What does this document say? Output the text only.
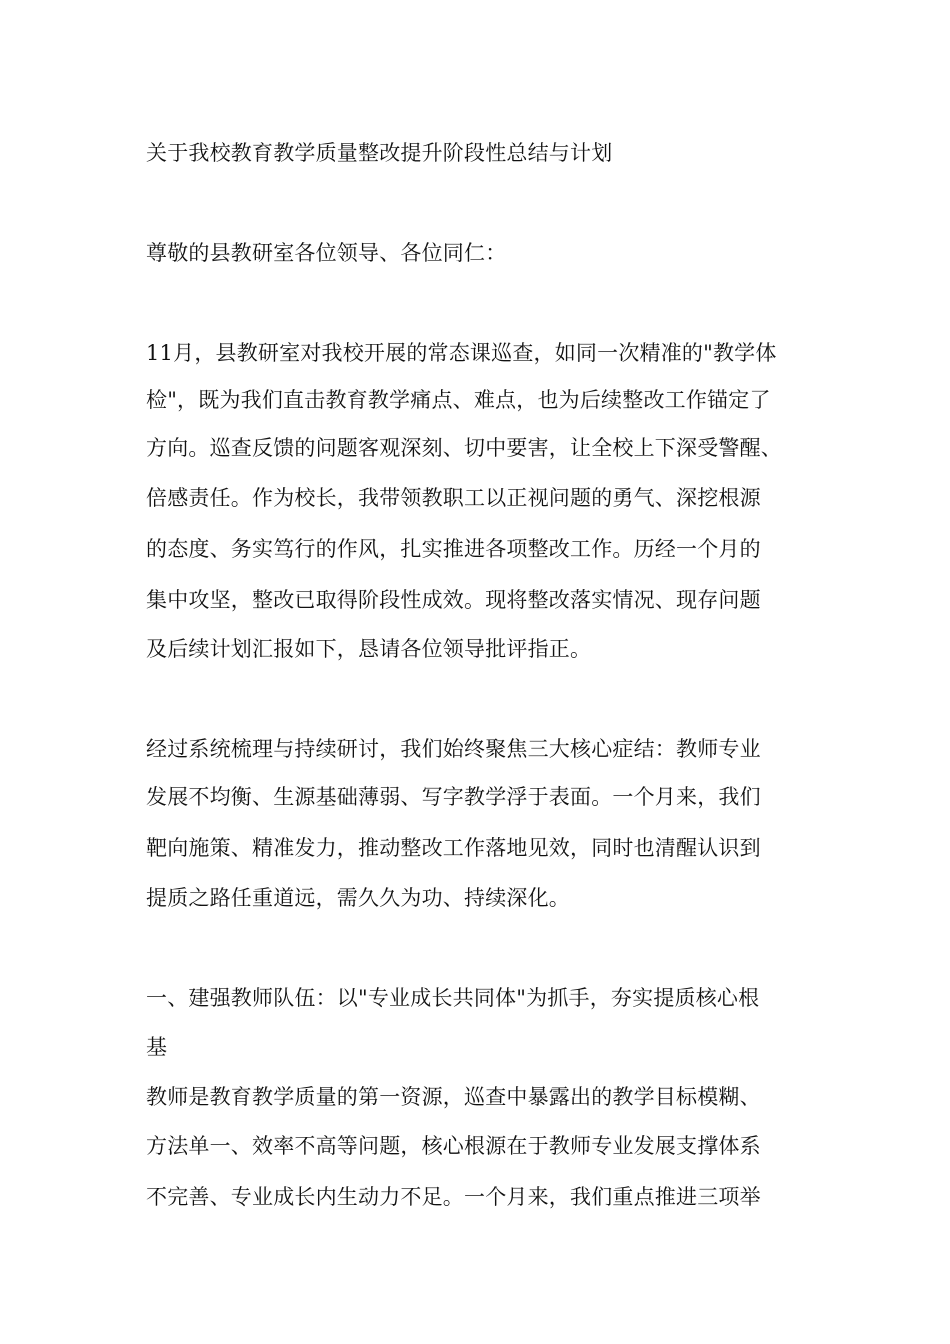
关于我校教育教学质量整改提升阶段性总结与计划
尊敬的县教研室各位领导、各位同仁：
11月，县教研室对我校开展的常态课巡查，如同一次精准的"教学体
检"，既为我们直击教育教学痛点、难点，也为后续整改工作锚定了
方向。巡查反馈的问题客观深刻、切中要害，让全校上下深受警醒、
倍感责任。作为校长，我带领教职工以正视问题的勇气、深挖根源
的态度、务实笃行的作风，扎实推进各项整改工作。历经一个月的
集中攻坚，整改已取得阶段性成效。现将整改落实情况、现存问题
及后续计划汇报如下，恳请各位领导批评指正。
经过系统梳理与持续研讨，我们始终聚焦三大核心症结：教师专业
发展不均衡、生源基础薄弱、写字教学浮于表面。一个月来，我们
靶向施策、精准发力，推动整改工作落地见效，同时也清醒认识到
提质之路任重道远，需久久为功、持续深化。
一、建强教师队伍：以"专业成长共同体"为抓手，夯实提质核心根
基
教师是教育教学质量的第一资源，巡查中暴露出的教学目标模糊、
方法单一、效率不高等问题，核心根源在于教师专业发展支撑体系
不完善、专业成长内生动力不足。一个月来，我们重点推进三项举
